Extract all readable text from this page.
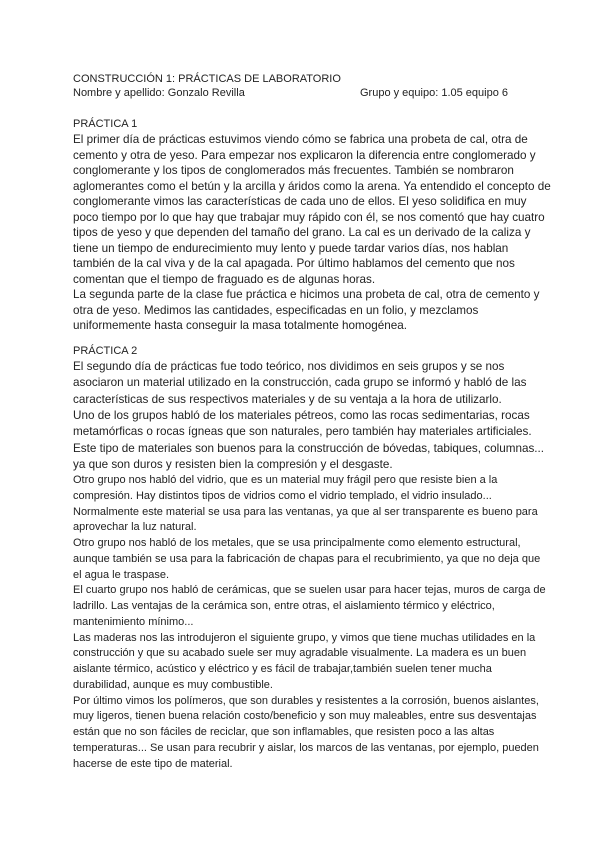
CONSTRUCCIÓN 1: PRÁCTICAS DE LABORATORIO
Nombre y apellido: Gonzalo Revilla	Grupo y equipo: 1.05 equipo 6
PRÁCTICA 1
El primer día de prácticas estuvimos viendo cómo se fabrica una probeta de cal, otra de
cemento y otra de yeso. Para empezar nos explicaron la diferencia entre conglomerado y
conglomerante y los tipos de conglomerados más frecuentes. También se nombraron
aglomerantes como el betún y la arcilla y áridos como la arena. Ya entendido el concepto de
conglomerante vimos las características de cada uno de ellos. El yeso solidifica en muy
poco tiempo por lo que hay que trabajar muy rápido con él, se nos comentó que hay cuatro
tipos de yeso y que dependen del tamaño del grano. La cal es un derivado de la caliza y
tiene un tiempo de endurecimiento muy lento y puede tardar varios días, nos hablan
también de la cal viva y de la cal apagada. Por último hablamos del cemento que nos
comentan que el tiempo de fraguado es de algunas horas.
La segunda parte de la clase fue práctica e hicimos una probeta de cal, otra de cemento y
otra de yeso. Medimos las cantidades, especificadas en un folio, y mezclamos
uniformemente hasta conseguir la masa totalmente homogénea.
PRÁCTICA 2
El segundo día de prácticas fue todo teórico, nos dividimos en seis grupos y se nos
asociaron un material utilizado en la construcción, cada grupo se informó y habló de las
características de sus respectivos materiales y de su ventaja a la hora de utilizarlo.
Uno de los grupos habló de los materiales pétreos, como las rocas sedimentarias, rocas
metamórficas o rocas ígneas que son naturales, pero también hay materiales artificiales.
Este tipo de materiales son buenos para la construcción de bóvedas, tabiques, columnas...
ya que son duros y resisten bien la compresión y el desgaste.
Otro grupo nos habló del vidrio, que es un material muy frágil pero que resiste bien a la
compresión. Hay distintos tipos de vidrios como el vidrio templado, el vidrio insulado...
Normalmente este material se usa para las ventanas, ya que al ser transparente es bueno para
aprovechar la luz natural.
Otro grupo nos habló de los metales, que se usa principalmente como elemento estructural,
aunque también se usa para la fabricación de chapas para el recubrimiento, ya que no deja que
el agua le traspase.
El cuarto grupo nos habló de cerámicas, que se suelen usar para hacer tejas, muros de carga de
ladrillo. Las ventajas de la cerámica son, entre otras, el aislamiento térmico y eléctrico,
mantenimiento mínimo...
Las maderas nos las introdujeron el siguiente grupo, y vimos que tiene muchas utilidades en la
construcción y que su acabado suele ser muy agradable visualmente. La madera es un buen
aislante térmico, acústico y eléctrico y es fácil de trabajar,también suelen tener mucha
durabilidad, aunque es muy combustible.
Por último vimos los polímeros, que son durables y resistentes a la corrosión, buenos aislantes,
muy ligeros, tienen buena relación costo/beneficio y son muy maleables, entre sus desventajas
están que no son fáciles de reciclar, que son inflamables, que resisten poco a las altas
temperaturas... Se usan para recubrir y aislar, los marcos de las ventanas, por ejemplo, pueden
hacerse de este tipo de material.
